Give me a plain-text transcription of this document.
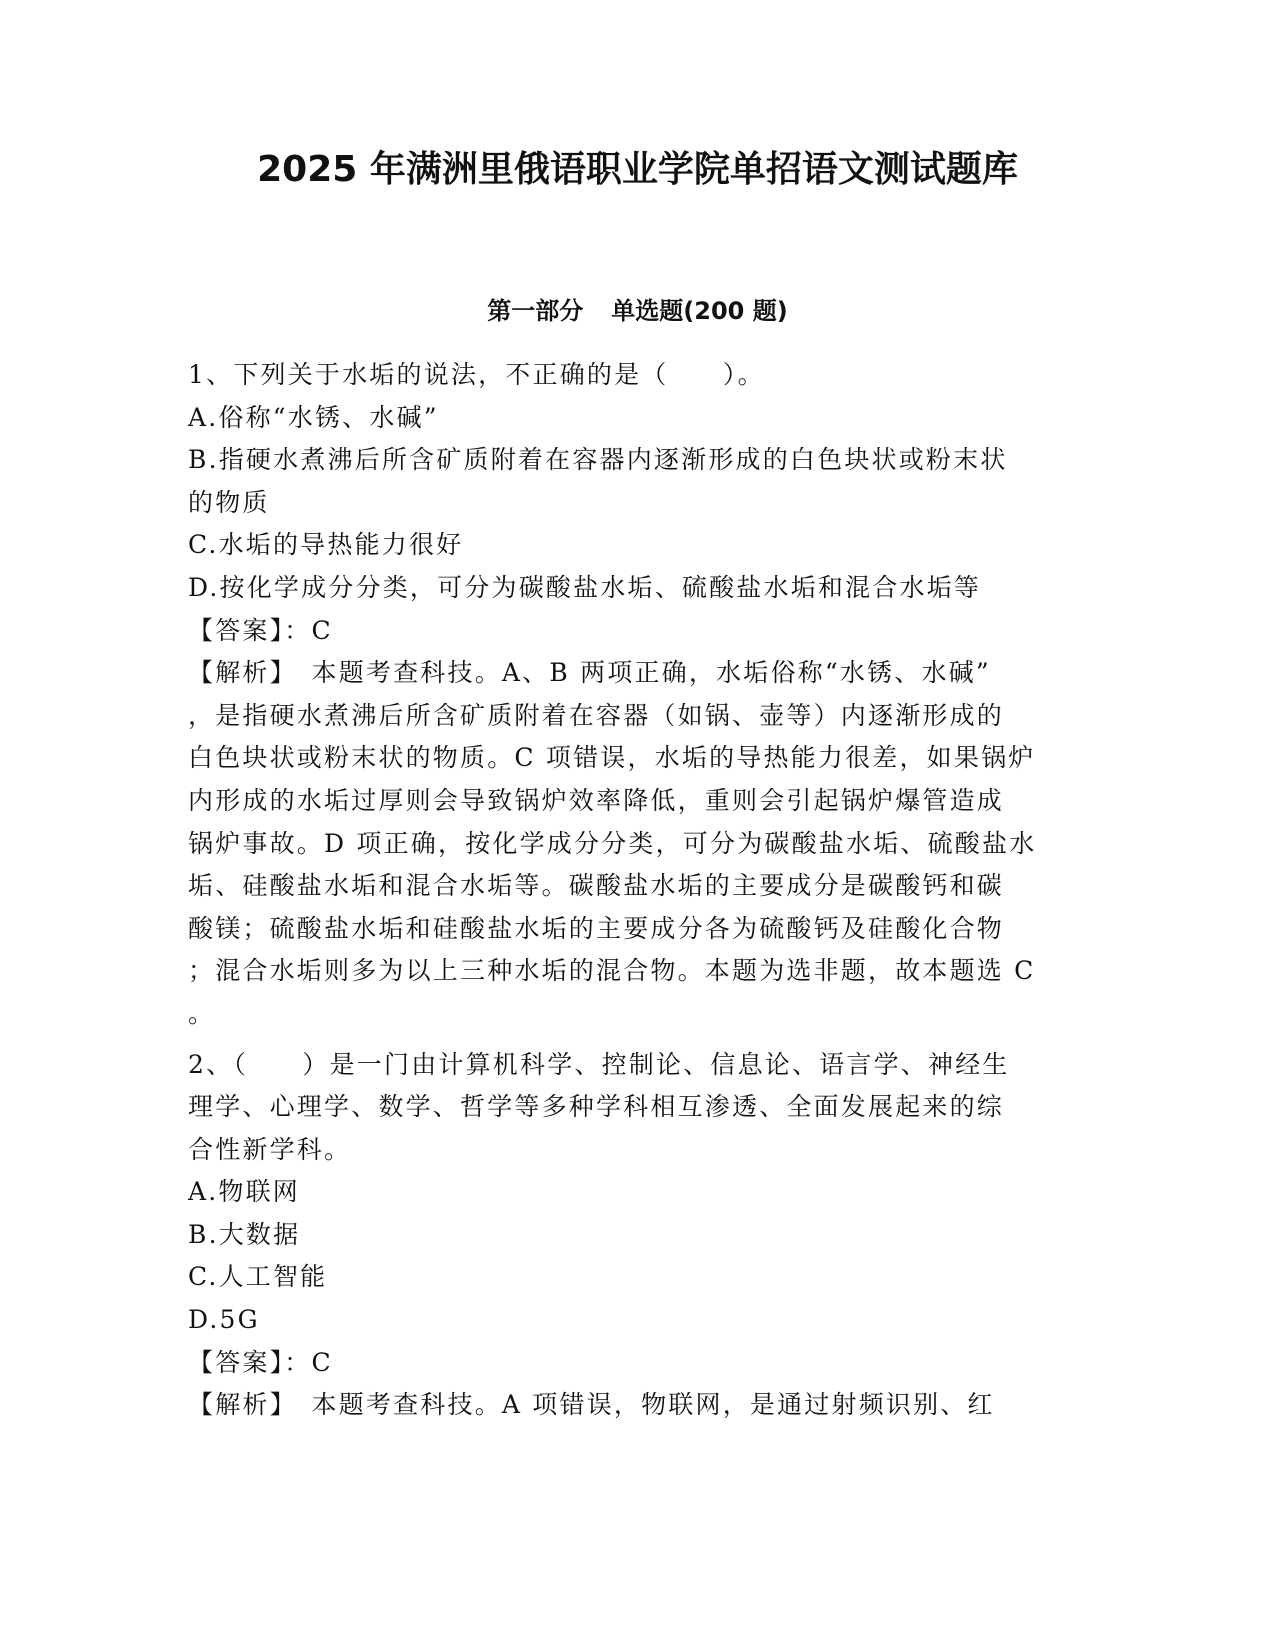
2025 年满洲里俄语职业学院单招语文测试题库
第一部分 单选题(200 题)
1、下列关于水垢的说法，不正确的是（　　）。
A.俗称“水锈、水碱”
B.指硬水煮沸后所含矿质附着在容器内逐渐形成的白色块状或粉末状
的物质
C.水垢的导热能力很好
D.按化学成分分类，可分为碳酸盐水垢、硫酸盐水垢和混合水垢等
【答案】：C
【解析】　本题考查科技。A、B 两项正确，水垢俗称“水锈、水碱”
，是指硬水煮沸后所含矿质附着在容器（如锅、壶等）内逐渐形成的
白色块状或粉末状的物质。C 项错误，水垢的导热能力很差，如果锅炉
内形成的水垢过厚则会导致锅炉效率降低，重则会引起锅炉爆管造成
锅炉事故。D 项正确，按化学成分分类，可分为碳酸盐水垢、硫酸盐水
垢、硅酸盐水垢和混合水垢等。碳酸盐水垢的主要成分是碳酸钙和碳
酸镁；硫酸盐水垢和硅酸盐水垢的主要成分各为硫酸钙及硅酸化合物
；混合水垢则多为以上三种水垢的混合物。本题为选非题，故本题选 C
。
2、（　　）是一门由计算机科学、控制论、信息论、语言学、神经生
理学、心理学、数学、哲学等多种学科相互渗透、全面发展起来的综
合性新学科。
A.物联网
B.大数据
C.人工智能
D.5G
【答案】：C
【解析】　本题考查科技。A 项错误，物联网，是通过射频识别、红
